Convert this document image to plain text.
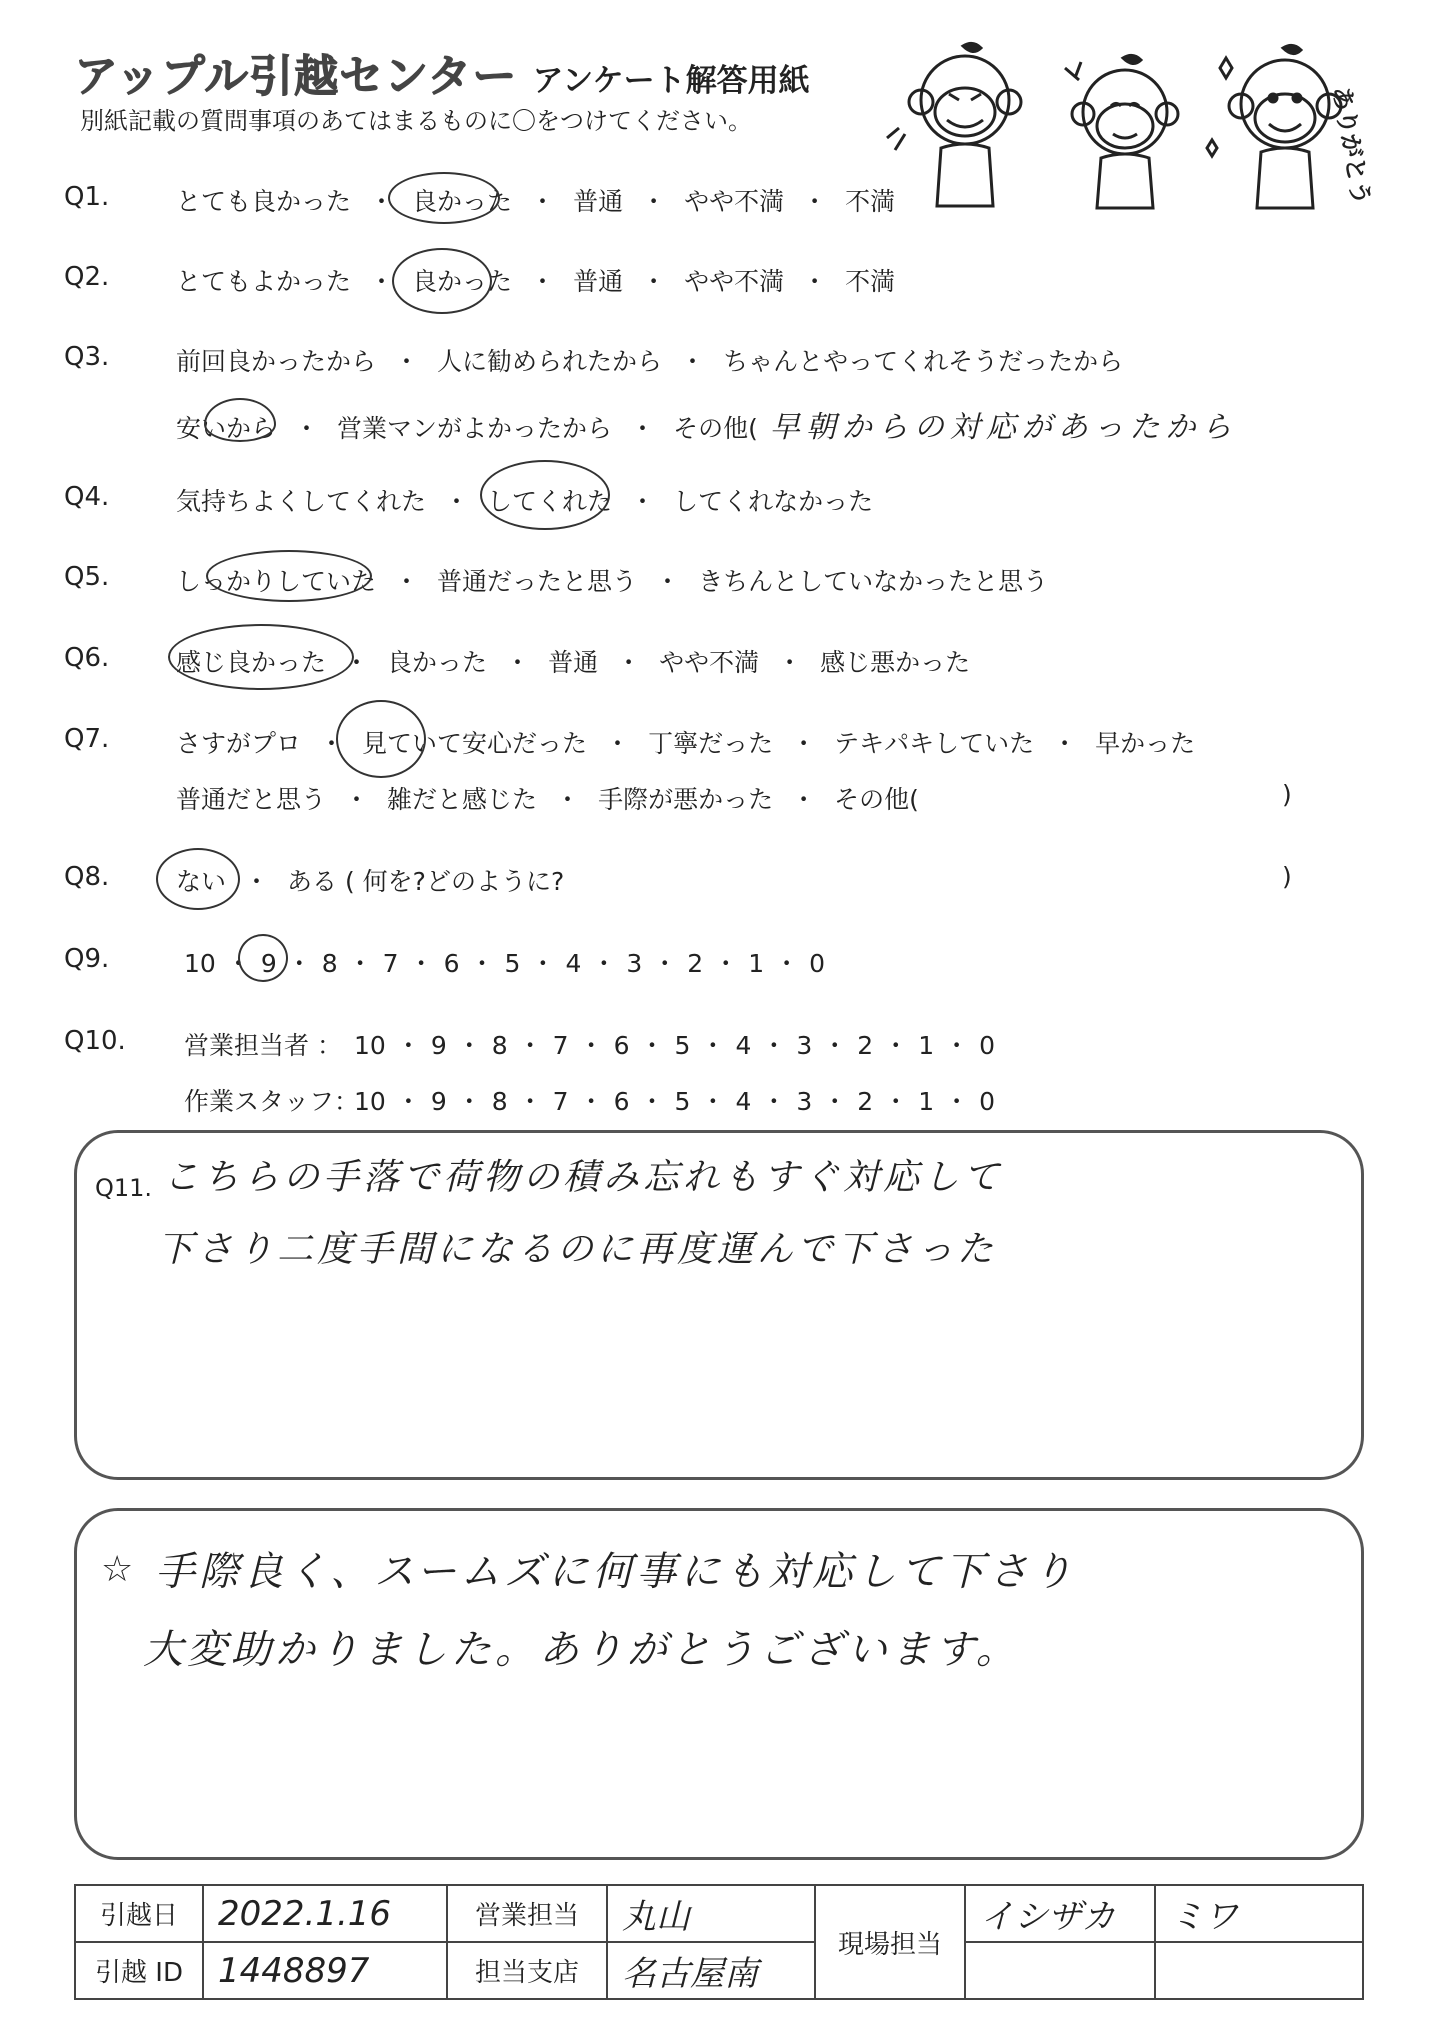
アップル引越センター アンケート解答用紙
別紙記載の質問事項のあてはまるものに〇をつけてください。	ありがとう
Q1.	とても良かった ・ 良かった ・ 普通 ・ やや不満 ・ 不満
Q2.	とてもよかった ・ 良かった ・ 普通 ・ やや不満 ・ 不満
Q3.	前回良かったから ・ 人に勧められたから ・ ちゃんとやってくれそうだったから
安いから ・ 営業マンがよかったから ・ その他( 早朝からの対応があったから
Q4.	気持ちよくしてくれた ・ してくれた ・ してくれなかった
Q5.	しっかりしていた ・ 普通だったと思う ・ きちんとしていなかったと思う
Q6.	感じ良かった ・ 良かった ・ 普通 ・ やや不満 ・ 感じ悪かった
Q7.	さすがプロ ・ 見ていて安心だった ・ 丁寧だった ・ テキパキしていた ・ 早かった
普通だと思う ・ 雑だと感じた ・ 手際が悪かった ・ その他(	)
Q8.	ない ・ ある ( 何を?どのように?	)
Q9.	10 ・ 9 ・ 8 ・ 7 ・ 6 ・ 5 ・ 4 ・ 3 ・ 2 ・ 1 ・ 0
Q10. 営業担当者 ： 10 ・ 9 ・ 8 ・ 7 ・ 6 ・ 5 ・ 4 ・ 3 ・ 2 ・ 1 ・ 0
作業スタッフ：10 ・ 9 ・ 8 ・ 7 ・ 6 ・ 5 ・ 4 ・ 3 ・ 2 ・ 1 ・ 0
Q11. こちらの手落で荷物の積み忘れもすぐ対応して
下さり二度手間になるのに再度運んで下さった
☆ 手際良く、スームズに何事にも対応して下さり
大変助かりました。ありがとうございます。
引越日	2022.1.16	営業担当	丸山	現場担当	イシザカ	ミワ
引越 ID	1448897	担当支店	名古屋南			
